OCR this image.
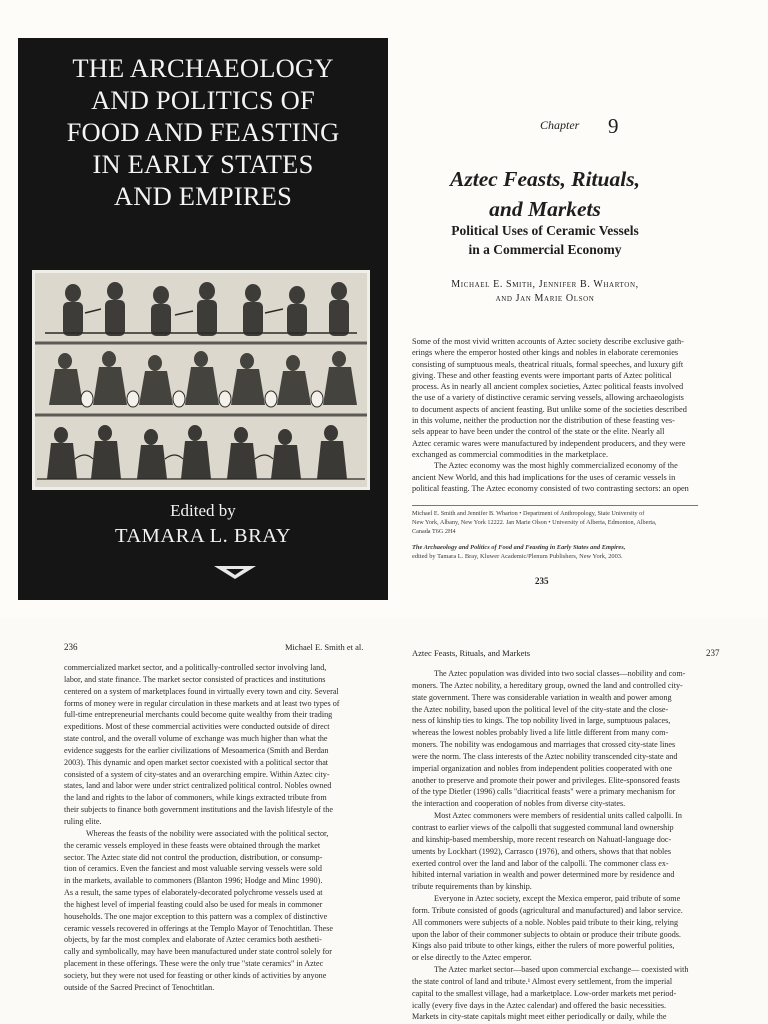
THE ARCHAEOLOGY
AND POLITICS OF
FOOD AND FEASTING
IN EARLY STATES
AND EMPIRES
Edited by
TAMARA L. BRAY
Chapter 9
Aztec Feasts, Rituals,
and Markets
Political Uses of Ceramic Vessels
in a Commercial Economy
Michael E. Smith, Jennifer B. Wharton,
and Jan Marie Olson

Some of the most vivid written accounts of Aztec society describe exclusive gath-

erings where the emperor hosted other kings and nobles in elaborate ceremonies

consisting of sumptuous meals, theatrical rituals, formal speeches, and luxury gift

giving. These and other feasting events were important parts of Aztec political

process. As in nearly all ancient complex societies, Aztec political feasts involved

the use of a variety of distinctive ceramic serving vessels, allowing archaeologists

to document aspects of ancient feasting. But unlike some of the societies described

in this volume, neither the production nor the distribution of these feasting ves-

sels appear to have been under the control of the state or the elite. Nearly all

Aztec ceramic wares were manufactured by independent producers, and they were

exchanged as commercial commodities in the marketplace.

The Aztec economy was the most highly commercialized economy of the

ancient New World, and this had implications for the uses of ceramic vessels in

political feasting. The Aztec economy consisted of two contrasting sectors: an open

Michael E. Smith and Jennifer B. Wharton • Department of Anthropology, State University of

New York, Albany, New York 12222. Jan Marie Olson • University of Alberta, Edmonton, Alberta,

Canada T6G 2H4

The Archaeology and Politics of Food and Feasting in Early States and Empires,

edited by Tamara L. Bray, Kluwer Academic/Plenum Publishers, New York, 2003.

235
236	Michael E. Smith et al.

commercialized market sector, and a politically-controlled sector involving land,

labor, and state finance. The market sector consisted of practices and institutions

centered on a system of marketplaces found in virtually every town and city. Several

forms of money were in regular circulation in these markets and at least two types of

full-time entrepreneurial merchants could become quite wealthy from their trading

expeditions. Most of these commercial activities were conducted outside of direct

state control, and the overall volume of exchange was much higher than what the

evidence suggests for the earlier civilizations of Mesoamerica (Smith and Berdan

2003). This dynamic and open market sector coexisted with a political sector that

consisted of a system of city-states and an overarching empire. Within Aztec city-

states, land and labor were under strict centralized political control. Nobles owned

the land and rights to the labor of commoners, while kings extracted tribute from

their subjects to finance both government institutions and the lavish lifestyle of the

ruling elite.

Whereas the feasts of the nobility were associated with the political sector,

the ceramic vessels employed in these feasts were obtained through the market

sector. The Aztec state did not control the production, distribution, or consump-

tion of ceramics. Even the fanciest and most valuable serving vessels were sold

in the markets, available to commoners (Blanton 1996; Hodge and Minc 1990).

As a result, the same types of elaborately-decorated polychrome vessels used at

the highest level of imperial feasting could also be used for meals in commoner

households. The one major exception to this pattern was a complex of distinctive

ceramic vessels recovered in offerings at the Templo Mayor of Tenochtitlan. These

objects, by far the most complex and elaborate of Aztec ceramics both aestheti-

cally and symbolically, may have been manufactured under state control solely for

placement in these offerings. These were the only true "state ceramics" in Aztec

society, but they were not used for feasting or other kinds of activities by anyone

outside of the Sacred Precinct of Tenochtitlan.

Aztec Feasts, Rituals, and Markets	237

The Aztec population was divided into two social classes—nobility and com-

moners. The Aztec nobility, a hereditary group, owned the land and controlled city-

state government. There was considerable variation in wealth and power among

the Aztec nobility, based upon the political level of the city-state and the close-

ness of kinship ties to kings. The top nobility lived in large, sumptuous palaces,

whereas the lowest nobles probably lived a life little different from many com-

moners. The nobility was endogamous and marriages that crossed city-state lines

were the norm. The class interests of the Aztec nobility transcended city-state and

imperial organization and nobles from independent polities cooperated with one

another to preserve and promote their power and privileges. Elite-sponsored feasts

of the type Dietler (1996) calls "diacritical feasts" were a primary mechanism for

the interaction and cooperation of nobles from diverse city-states.

Most Aztec commoners were members of residential units called calpolli. In

contrast to earlier views of the calpolli that suggested communal land ownership

and kinship-based membership, more recent research on Nahuatl-language doc-

uments by Lockhart (1992), Carrasco (1976), and others, shows that that nobles

exerted control over the land and labor of the calpolli. The commoner class ex-

hibited internal variation in wealth and power determined more by residence and

tribute requirements than by kinship.

Everyone in Aztec society, except the Mexica emperor, paid tribute of some

form. Tribute consisted of goods (agricultural and manufactured) and labor service.

All commoners were subjects of a noble. Nobles paid tribute to their king, relying

upon the labor of their commoner subjects to obtain or produce their tribute goods.

Kings also paid tribute to other kings, either the rulers of more powerful polities,

or else directly to the Aztec emperor.

The Aztec market sector—based upon commercial exchange— coexisted with

the state control of land and tribute.¹ Almost every settlement, from the imperial

capital to the smallest village, had a marketplace. Low-order markets met period-

ically (every five days in the Aztec calendar) and offered the basic necessities.

Markets in city-state capitals might meet either periodically or daily, while the
